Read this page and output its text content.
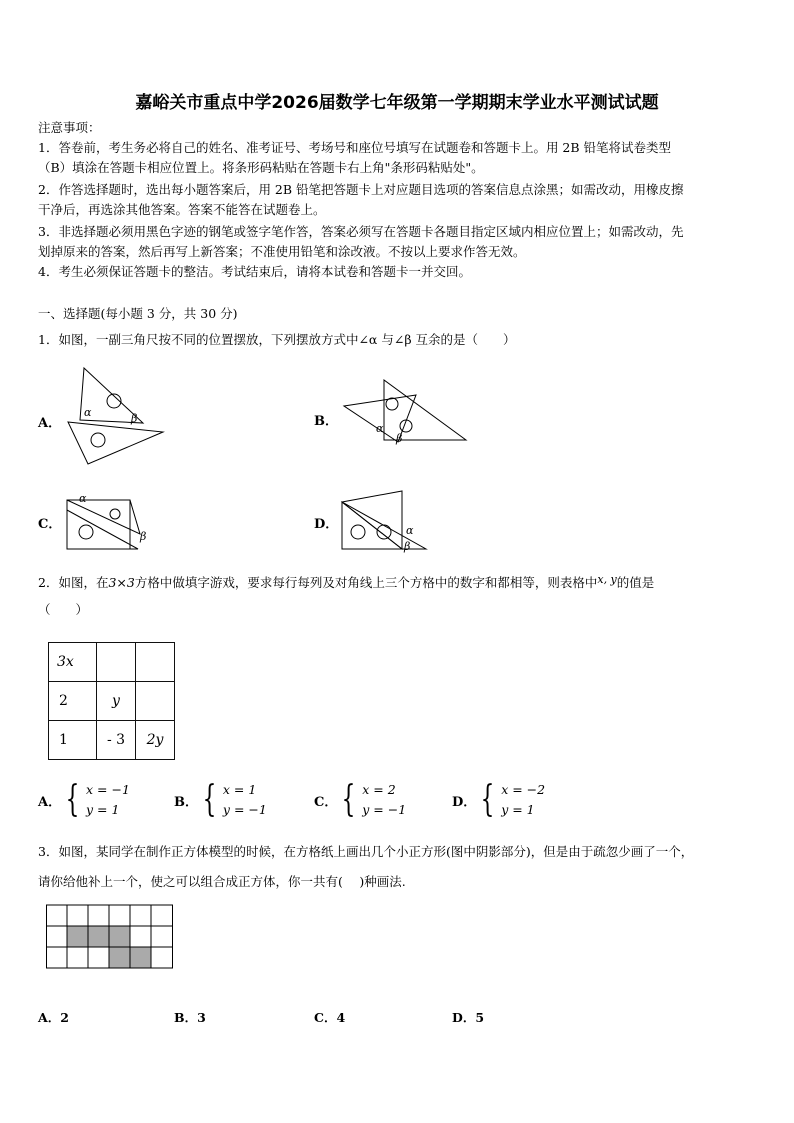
嘉峪关市重点中学2026届数学七年级第一学期期末学业水平测试试题
注意事项：
1．答卷前，考生务必将自己的姓名、准考证号、考场号和座位号填写在试题卷和答题卡上。用 2B 铅笔将试卷类型
（B）填涂在答题卡相应位置上。将条形码粘贴在答题卡右上角"条形码粘贴处"。
2．作答选择题时，选出每小题答案后，用 2B 铅笔把答题卡上对应题目选项的答案信息点涂黑；如需改动，用橡皮擦
干净后，再选涂其他答案。答案不能答在试题卷上。
3．非选择题必须用黑色字迹的钢笔或签字笔作答，答案必须写在答题卡各题目指定区域内相应位置上；如需改动，先
划掉原来的答案，然后再写上新答案；不准使用铅笔和涂改液。不按以上要求作答无效。
4．考生必须保证答题卡的整洁。考试结束后，请将本试卷和答题卡一并交回。
一、选择题(每小题 3 分，共 30 分)
1．如图，一副三角尺按不同的位置摆放，下列摆放方式中∠α 与∠β 互余的是（　　）
A．
α	β	B．	α
β
C．
α
β
D．	α
β
2．如图，在3×3方格中做填字游戏，要求每行每列及对角线上三个方格中的数字和都相等，则表格中x, y的值是
（　　）
3x		
2	y	
1	- 3	2y
A． { x = −1
y = 1	B． { x = 1
y = −1	C． { x = 2
y = −1	D． { x = −2
y = 1
3．如图，某同学在制作正方体模型的时候，在方格纸上画出几个小正方形(图中阴影部分)，但是由于疏忽少画了一个，
请你给他补上一个，使之可以组合成正方体，你一共有(　 )种画法.
A．2	B．3	C．4	D．5
